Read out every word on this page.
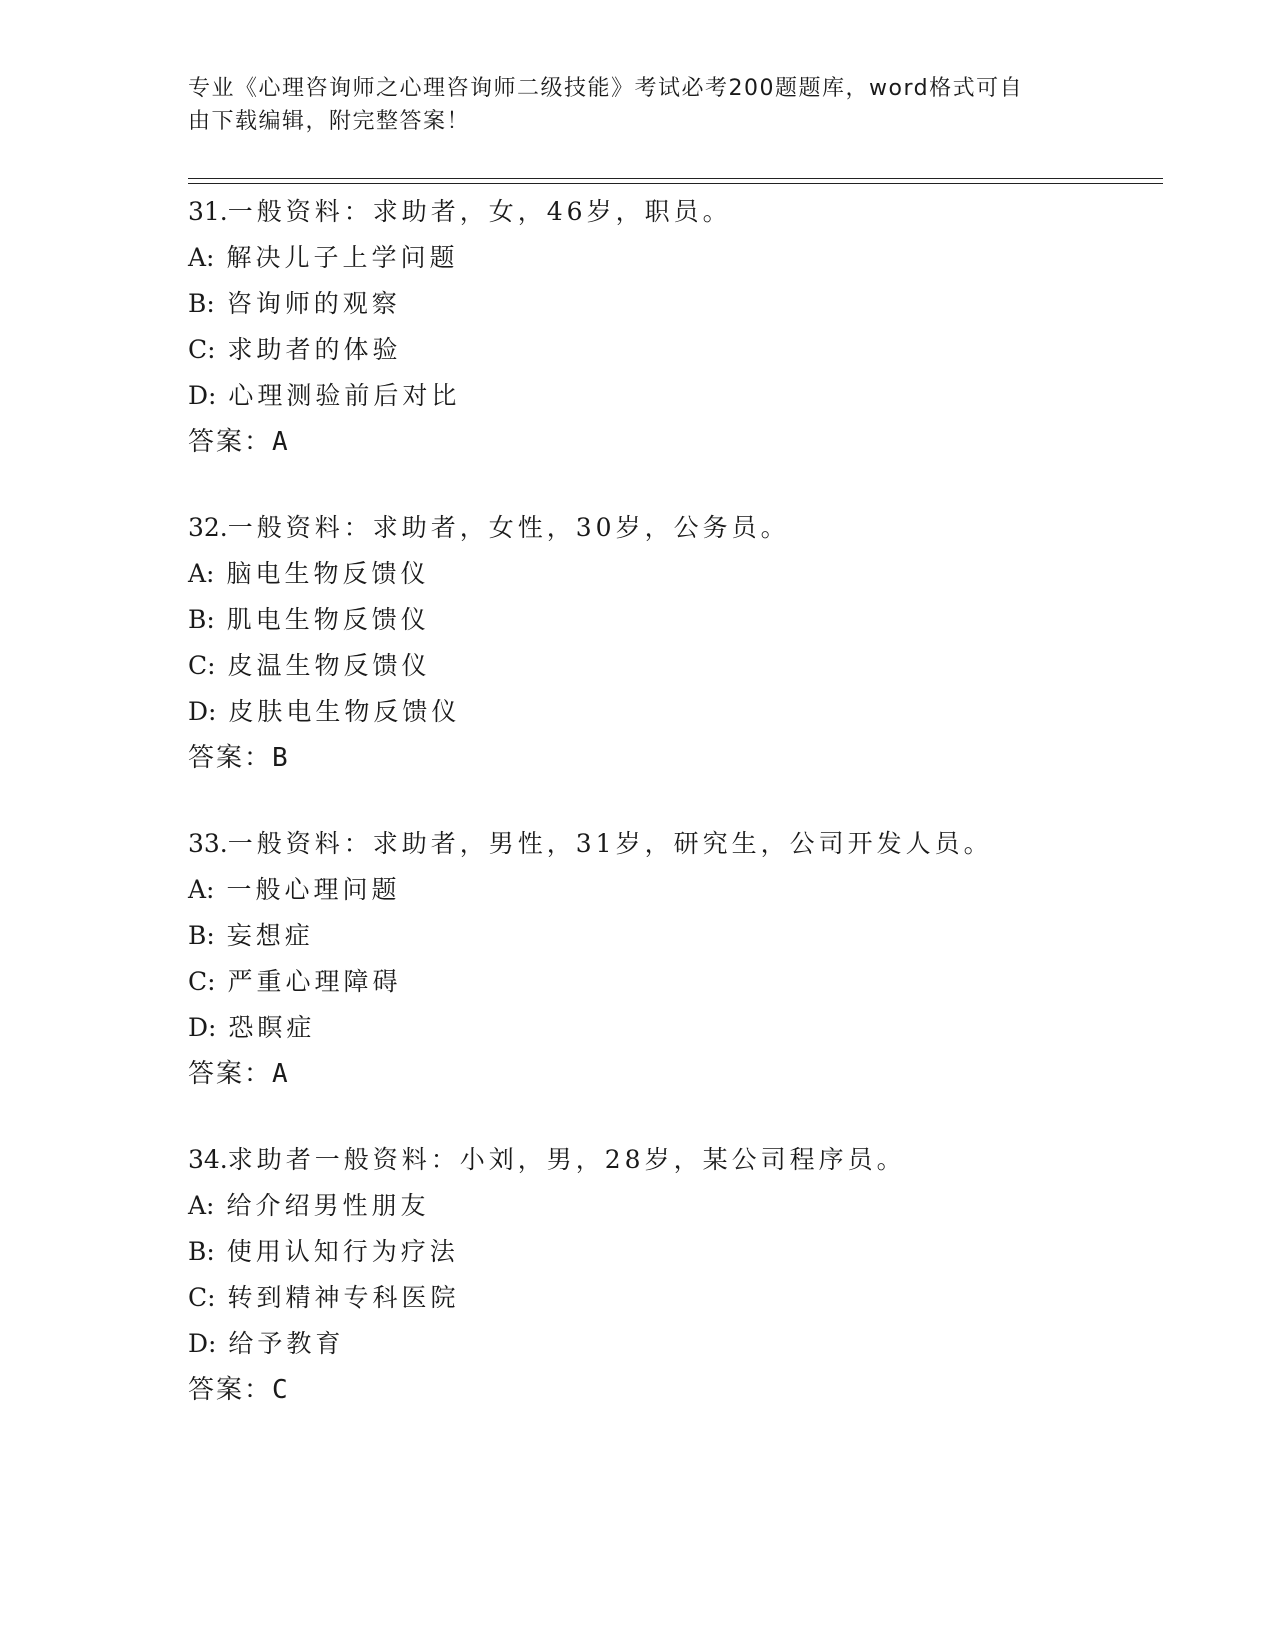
专业《心理咨询师之心理咨询师二级技能》考试必考200题题库，word格式可自
由下载编辑，附完整答案！
31.一般资料：求助者，女，46岁，职员。
A: 解决儿子上学问题
B: 咨询师的观察
C: 求助者的体验
D: 心理测验前后对比
答案：A
32.一般资料：求助者，女性，30岁，公务员。
A: 脑电生物反馈仪
B: 肌电生物反馈仪
C: 皮温生物反馈仪
D: 皮肤电生物反馈仪
答案：B
33.一般资料：求助者，男性，31岁，研究生，公司开发人员。
A: 一般心理问题
B: 妄想症
C: 严重心理障碍
D: 恐瞑症
答案：A
34.求助者一般资料：小刘，男，28岁，某公司程序员。
A: 给介绍男性朋友
B: 使用认知行为疗法
C: 转到精神专科医院
D: 给予教育
答案：C
